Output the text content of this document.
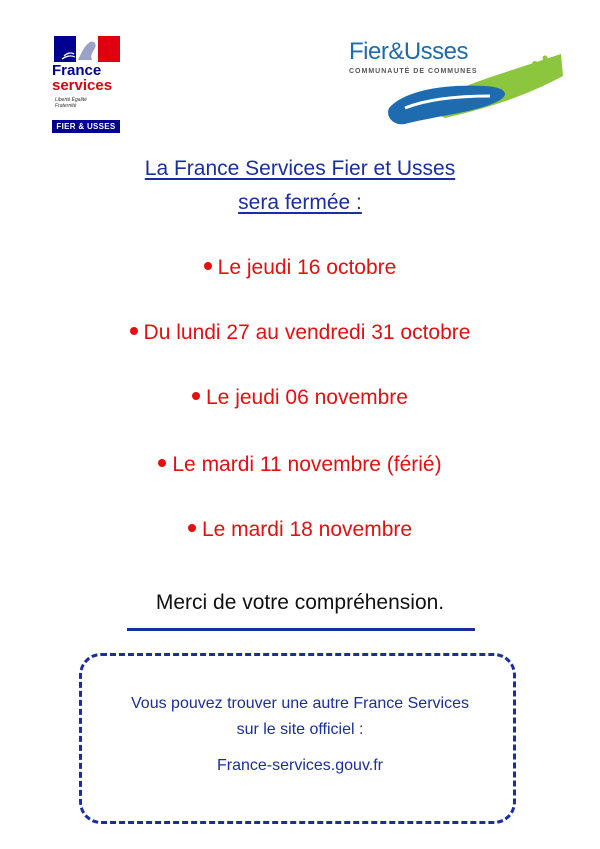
France
services
Liberté Égalité Fraternité
FIER & USSES
Fier&Usses
COMMUNAUTÉ DE COMMUNES
La France Services Fier et Usses
sera fermée :
Le jeudi 16 octobre
Du lundi 27 au vendredi 31 octobre
Le jeudi 06 novembre
Le mardi 11 novembre (férié)
Le mardi 18 novembre
Merci de votre compréhension.
Vous pouvez trouver une autre France Services
sur le site officiel :
France-services.gouv.fr
